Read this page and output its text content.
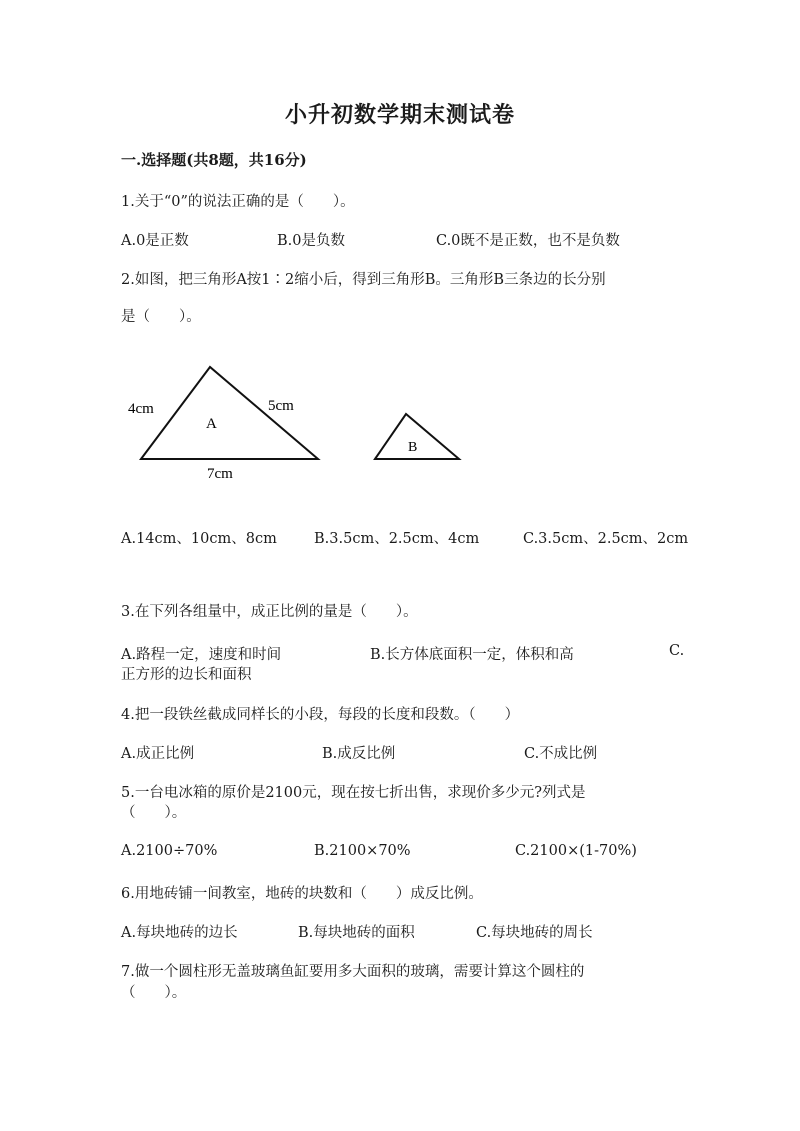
小升初数学期末测试卷
一.选择题(共8题，共16分)
1.关于“0”的说法正确的是（　　）。
A.0是正数	B.0是负数	C.0既不是正数，也不是负数
2.如图，把三角形A按1∶2缩小后，得到三角形B。三角形B三条边的长分别
是（　　）。
4cm	5cm
7cm
A
B
A.14cm、10cm、8cm	B.3.5cm、2.5cm、4cm	C.3.5cm、2.5cm、2cm
3.在下列各组量中，成正比例的量是（　　）。
A.路程一定，速度和时间	B.长方体底面积一定，体积和高	C.
正方形的边长和面积
4.把一段铁丝截成同样长的小段，每段的长度和段数。（　　）
A.成正比例	B.成反比例	C.不成比例
5.一台电冰箱的原价是2100元，现在按七折出售，求现价多少元?列式是
（　　）。
A.2100÷70%	B.2100×70%	C.2100×(1-70%)
6.用地砖铺一间教室，地砖的块数和（　　）成反比例。
A.每块地砖的边长	B.每块地砖的面积	C.每块地砖的周长
7.做一个圆柱形无盖玻璃鱼缸要用多大面积的玻璃，需要计算这个圆柱的
（　　）。
